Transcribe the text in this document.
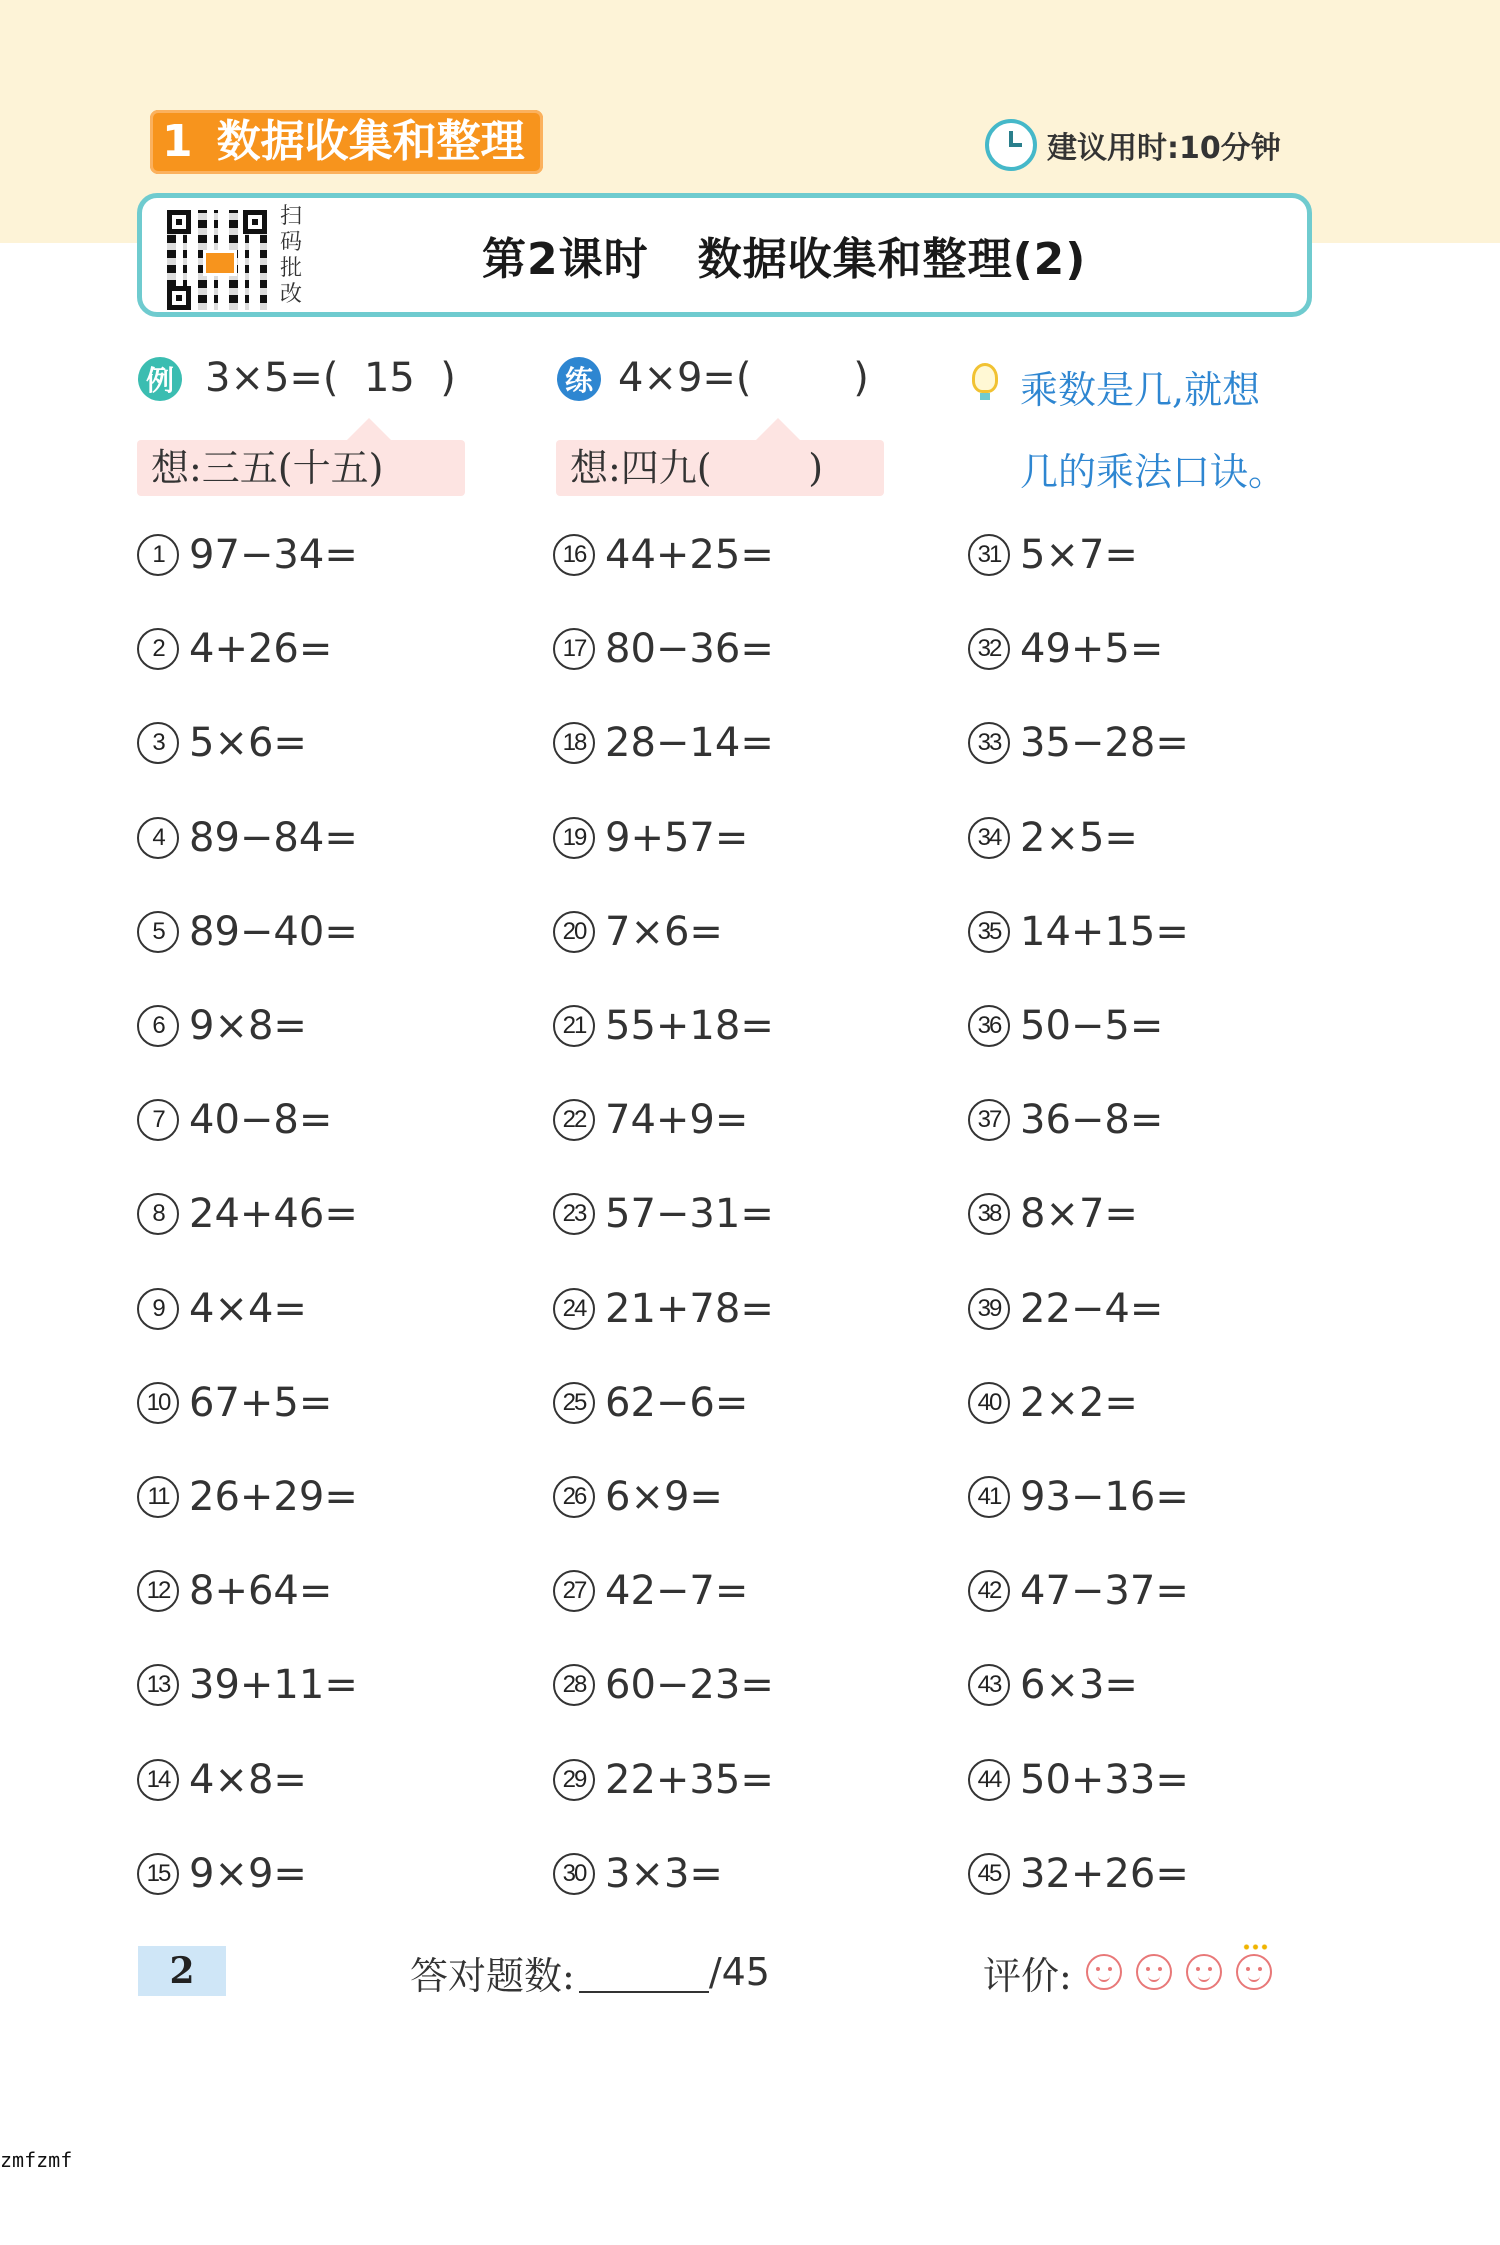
1 数据收集和整理	建议用时:10分钟
扫
码
批
改
第2课时   数据收集和整理(2)
例 3×5=(  15  )
想:三五(十五)
练 4×9=(        )
想:四九(        )
乘数是几,就想
几的乘法口诀。
1 97−34=
2 4+26=
3 5×6=
4 89−84=
5 89−40=
6 9×8=
7 40−8=
8 24+46=
9 4×4=
10 67+5=
11 26+29=
12 8+64=
13 39+11=
14 4×8=
15 9×9=
16 44+25=
17 80−36=
18 28−14=
19 9+57=
20 7×6=
21 55+18=
22 74+9=
23 57−31=
24 21+78=
25 62−6=
26 6×9=
27 42−7=
28 60−23=
29 22+35=
30 3×3=
31 5×7=
32 49+5=
33 35−28=
34 2×5=
35 14+15=
36 50−5=
37 36−8=
38 8×7=
39 22−4=
40 2×2=
41 93−16=
42 47−37=
43 6×3=
44 50+33=
45 32+26=
2	答对题数:	/45	评价:
zmfzmf
